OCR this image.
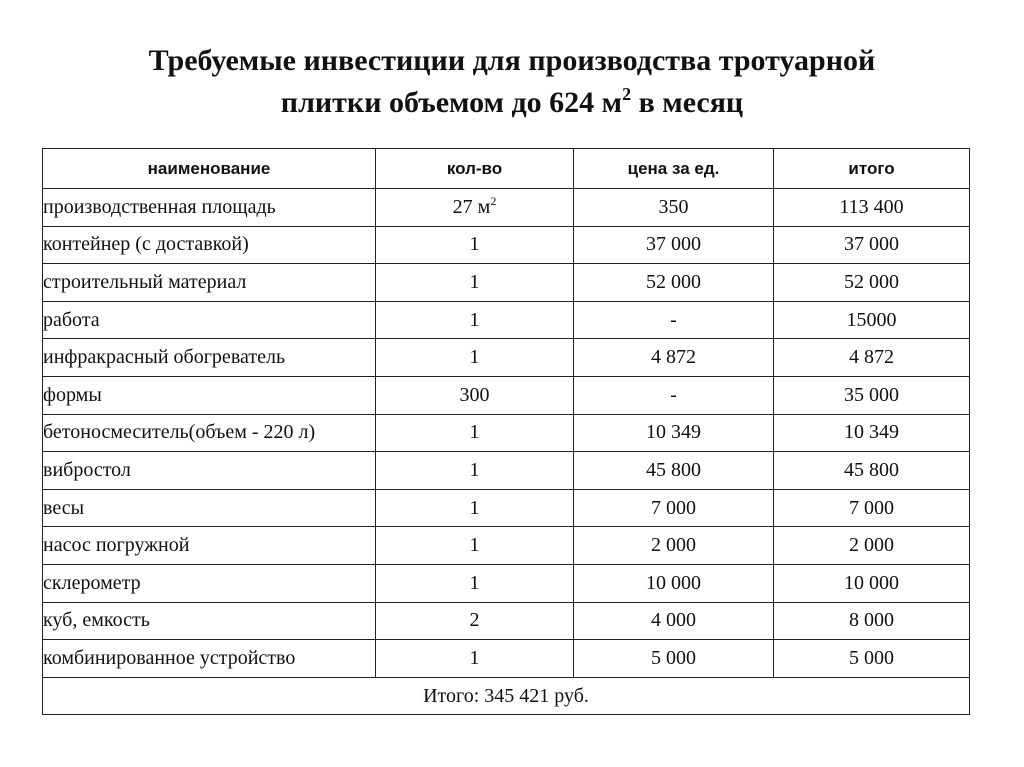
Требуемые инвестиции для производства тротуарной
плитки объемом до 624 $м^2$ в месяц
наименование	кол-во	цена за ед.	итого
производственная площадь	27 $м^2$	350	113 400
контейнер (с доставкой)	1	37 000	37 000
строительный материал	1	52 000	52 000
работа	1	-	15000
инфракрасный обогреватель	1	4 872	4 872
формы	300	-	35 000
бетоносмеситель(объем - 220 л)	1	10 349	10 349
вибростол	1	45 800	45 800
весы	1	7 000	7 000
насос погружной	1	2 000	2 000
склерометр	1	10 000	10 000
куб, емкость	2	4 000	8 000
комбинированное устройство	1	5 000	5 000
Итого: 345 421 руб.			
